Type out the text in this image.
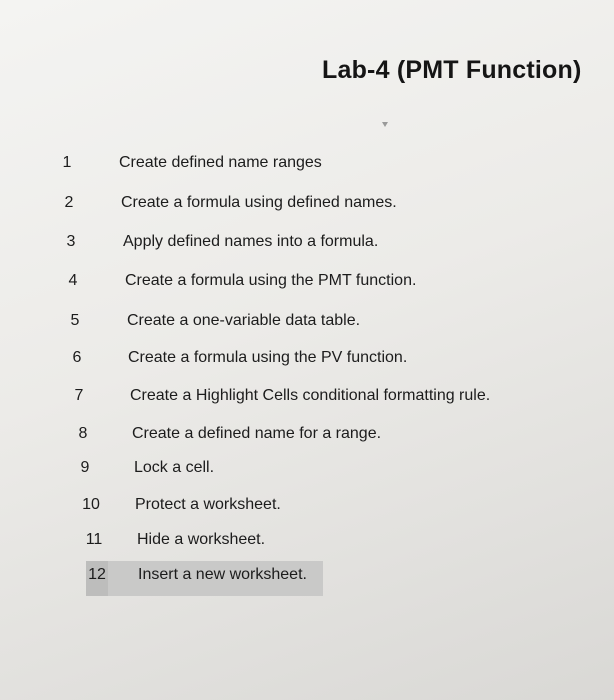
Lab-4 (PMT Function)
1	Create defined name ranges
2	Create a formula using defined names.
3	Apply defined names into a formula.
4	Create a formula using the PMT function.
5	Create a one-variable data table.
6	Create a formula using the PV function.
7	Create a Highlight Cells conditional formatting rule.
8	Create a defined name for a range.
9	Lock a cell.
10	Protect a worksheet.
11	Hide a worksheet.
12	Insert a new worksheet.
